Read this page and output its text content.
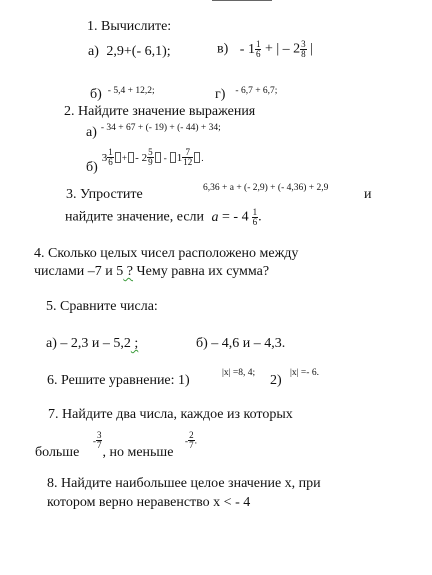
1. Вычислите:
а) 2,9+(- 6,1);	$в) - 1 \frac{1}{6}$ + | – $2 \frac{3}{8}$ |
б) $^{- 5,4 + 12,2;}$	г) $^{- 6,7 + 6,7;}$
2. Найдите значение выражения
а) $^{- 34 + 67 + (- 19) + (- 44) + 34;}$
б) $3 \frac{1}{6}$ + - $2 \frac{5}{9} - 1 \frac{7}{12}$ .
3. Упростите	6,36 + a + (- 2,9) + (- 4,36) + 2,9	и
найдите значение, если a = - $4 \frac{1}{6}$ .
4. Сколько целых чисел расположено между
числами –7 и 5 ? Чему равна их сумма?
5. Сравните числа:
а) – 2,3 и – 5,2 ;	б) – 4,6 и – 4,3.
6. Решите уравнение: 1)	|x| =8, 4; 2) |x| =- 6.
7. Найдите два числа, каждое из которых
больше - $\frac{3}{7}$
, но меньше - $\frac{2}{7}$ .
8. Найдите наибольшее целое значение x, при
котором верно неравенство x < - 4
